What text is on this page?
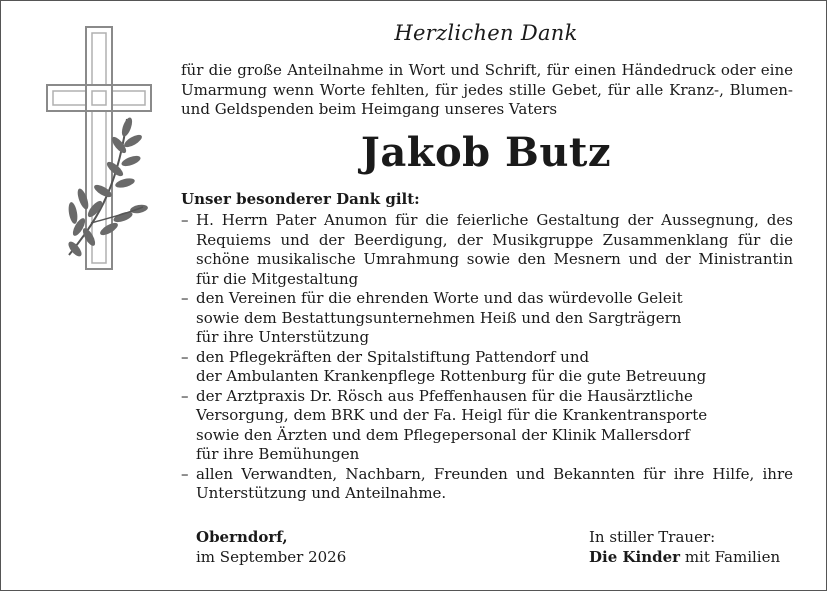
Herzlichen Dank
für die große Anteilnahme in Wort und Schrift, für einen Händedruck oder eine Umarmung wenn Worte fehlten, für jedes stille Gebet, für alle Kranz-, Blumen- und Geldspenden beim Heimgang unseres Vaters
Jakob Butz
Unser besonderer Dank gilt:
– H. Herrn Pater Anumon für die feierliche Gestaltung der Aussegnung, des Requiems und der Beerdigung, der Musikgruppe Zusammenklang für die schöne musikalische Umrahmung sowie den Mesnern und der Ministrantin für die Mitgestaltung
– den Vereinen für die ehrenden Worte und das würdevolle Geleit
sowie dem Bestattungsunternehmen Heiß und den Sargträgern
für ihre Unterstützung
– den Pflegekräften der Spitalstiftung Pattendorf und
der Ambulanten Krankenpflege Rottenburg für die gute Betreuung
– der Arztpraxis Dr. Rösch aus Pfeffenhausen für die Hausärztliche
Versorgung, dem BRK und der Fa. Heigl für die Krankentransporte
sowie den Ärzten und dem Pflegepersonal der Klinik Mallersdorf
für ihre Bemühungen
– allen Verwandten, Nachbarn, Freunden und Bekannten für ihre Hilfe, ihre Unterstützung und Anteilnahme.
Oberndorf,
im September 2026
In stiller Trauer:
Die Kinder mit Familien
